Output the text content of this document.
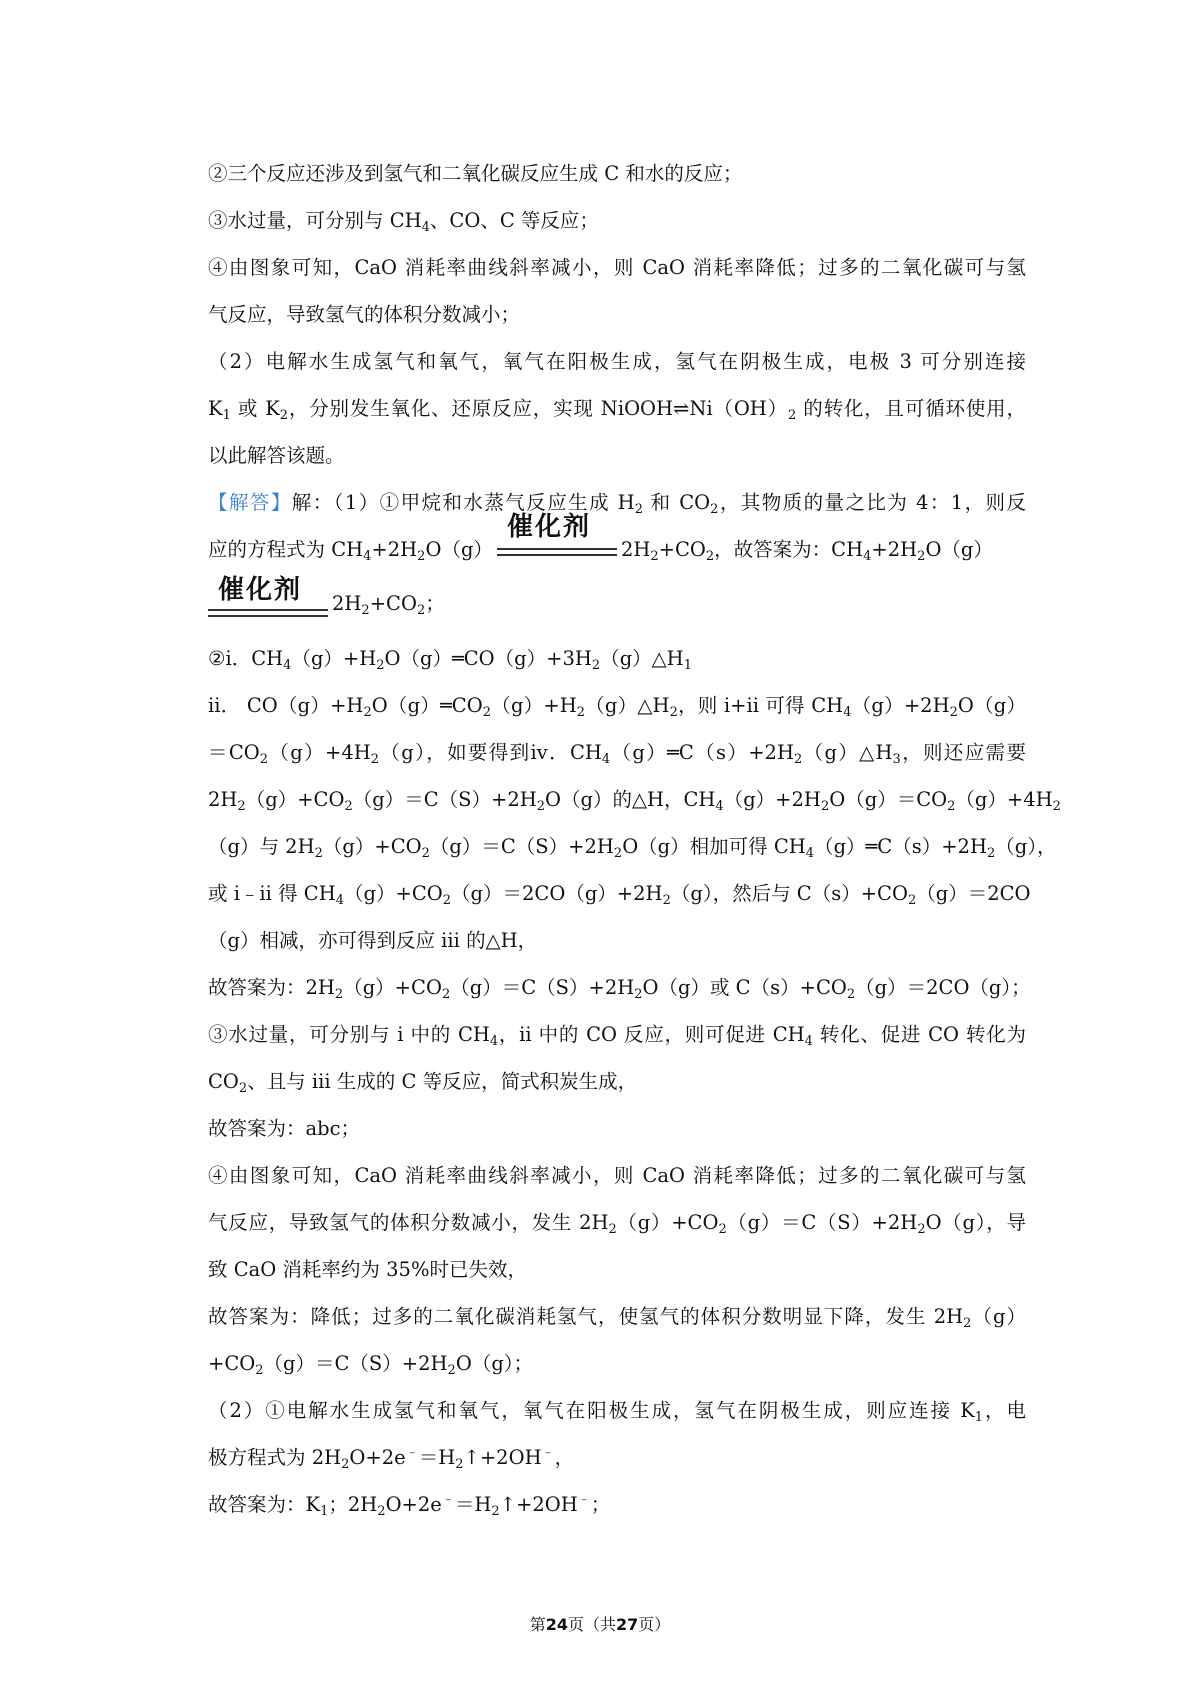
②三个反应还涉及到氢气和二氧化碳反应生成 C 和水的反应；
③水过量，可分别与 $CH_4$、CO、C 等反应；
④由图象可知，CaO 消耗率曲线斜率减小，则 CaO 消耗率降低；过多的二氧化碳可与氢
气反应，导致氢气的体积分数减小；
（2）电解水生成氢气和氧气，氧气在阳极生成，氢气在阴极生成，电极 3 可分别连接
$K_1$ 或 $K_2$，分别发生氧化、还原反应，实现 $NiOOH\rightleftharpoons Ni(OH)_2$ 的转化，且可循环使用，
以此解答该题。
【解答】解：（1）①甲烷和水蒸气反应生成 $H_2$ 和 $CO_2$，其物质的量之比为 4：1，则反
应的方程式为 $CH_4+2H_2O(g)$
催化剂
$2H_2+CO_2$，故答案为：$CH_4+2H_2O(g)$
催化剂 $2H_2+CO_2$；
②ⅰ．$CH_4(g)+H_2O(g)═CO(g)+3H_2(g)\triangle H_1$
ⅱ． $CO(g)+H_2O(g)═CO_2(g)+H_2(g)\triangle H_2$，则 i+ii 可得 $CH_4(g)+2H_2O(g)$
$=CO_2(g)+4H_2(g)$，如要得到ⅳ．$CH_4(g)═C(s)+2H_2(g)\triangle H_3$，则还应需要
$2H_2(g)+CO_2(g)=C(S)+2H_2O(g)$的△H，$CH_4(g)+2H_2O(g)=CO_2(g)+4H_2$
（g）与 $2H_2(g)+CO_2(g)=C(S)+2H_2O(g)$相加可得 $CH_4(g)═C(s)+2H_2(g)$，
或 i﹣ii 得 $CH_4(g)+CO_2(g)=2CO(g)+2H_2(g)$，然后与 $C(s)+CO_2(g)=2CO$
（g）相减，亦可得到反应 iii 的△H，
故答案为：$2H_2(g)+CO_2(g)=C(S)+2H_2O(g)$或 $C(s)+CO_2(g)=2CO(g)$；
③水过量，可分别与 i 中的 $CH_4$，ii 中的 CO 反应，则可促进 $CH_4$ 转化、促进 CO 转化为
$CO_2$、且与 iii 生成的 C 等反应，简式积炭生成，
故答案为：abc；
④由图象可知，CaO 消耗率曲线斜率减小，则 CaO 消耗率降低；过多的二氧化碳可与氢
气反应，导致氢气的体积分数减小，发生 $2H_2(g)+CO_2(g)=C(S)+2H_2O(g)$，导
致 CaO 消耗率约为 35%时已失效，
故答案为：降低；过多的二氧化碳消耗氢气，使氢气的体积分数明显下降，发生 $2H_2(g)$
$+CO_2(g)=C(S)+2H_2O(g)$；
（2）①电解水生成氢气和氧气，氧气在阳极生成，氢气在阴极生成，则应连接 $K_1$，电
极方程式为 $2H_2O+2e^﹣=H_2↑+2OH^﹣$，
故答案为：$K_1$；$2H_2O+2e^﹣=H_2↑+2OH^﹣$；
第24页（共27页）
